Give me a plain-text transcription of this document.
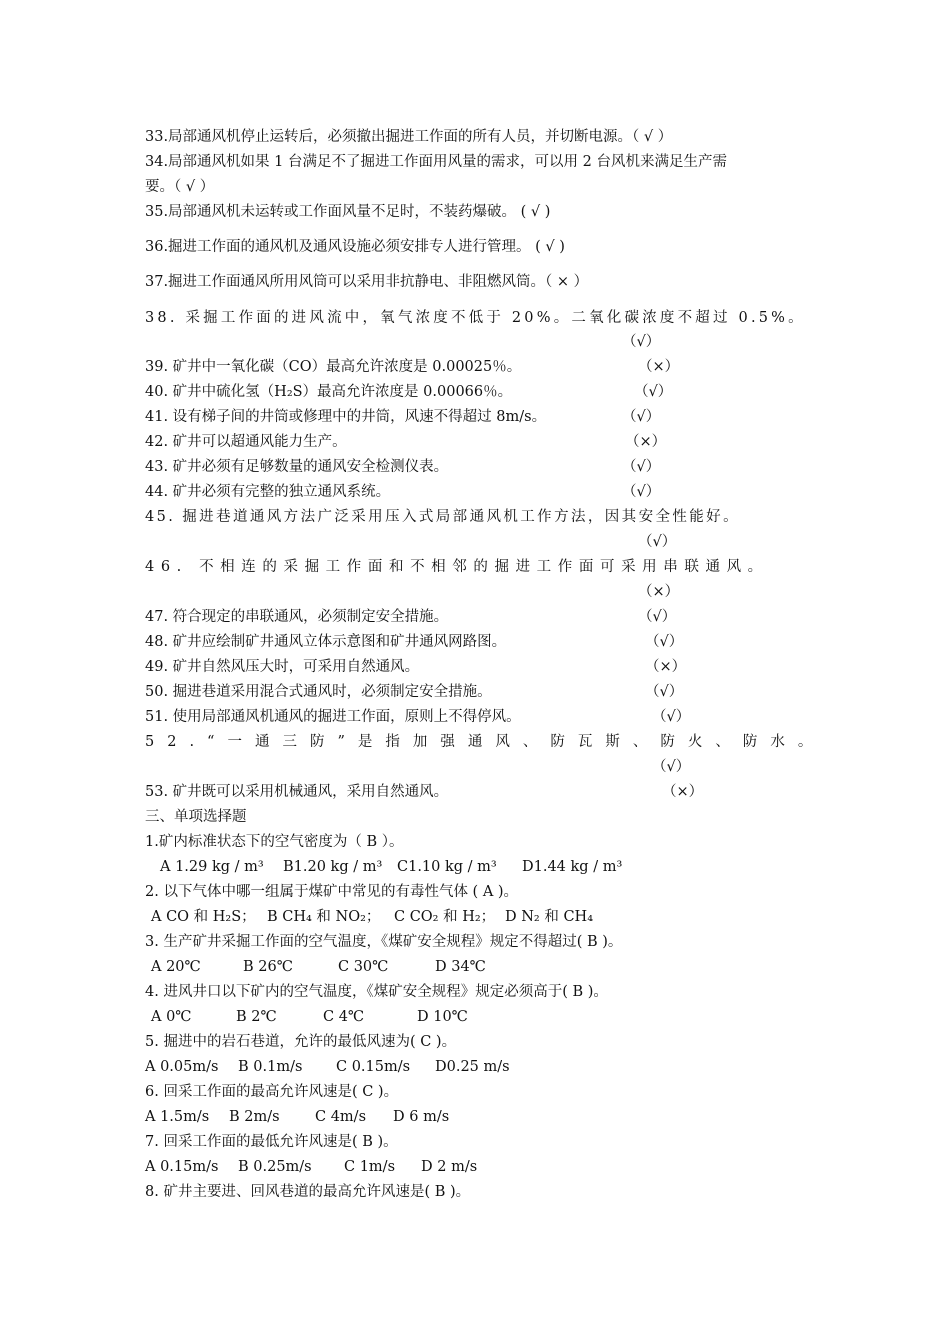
33.局部通风机停止运转后，必须撤出掘进工作面的所有人员，并切断电源。（ √ ）
34.局部通风机如果 1 台满足不了掘进工作面用风量的需求，可以用 2 台风机来满足生产需
要。（ √ ）
35.局部通风机未运转或工作面风量不足时，不装药爆破。 ( √ )
36.掘进工作面的通风机及通风设施必须安排专人进行管理。 ( √ )
37.掘进工作面通风所用风筒可以采用非抗静电、非阻燃风筒。（ × ）
38. 采掘工作面的进风流中，氧气浓度不低于 20%。二氧化碳浓度不超过 0.5%。
（√）
39. 矿井中一氧化碳（CO）最高允许浓度是 0.00025％。	（×）
40. 矿井中硫化氢（H₂S）最高允许浓度是 0.00066％。	（√）
41. 设有梯子间的井筒或修理中的井筒，风速不得超过 8m/s。	（√）
42. 矿井可以超通风能力生产。	（×）
43. 矿井必须有足够数量的通风安全检测仪表。	（√）
44. 矿井必须有完整的独立通风系统。	（√）
45. 掘进巷道通风方法广泛采用压入式局部通风机工作方法，因其安全性能好。
（√）
46. 不相连的采掘工作面和不相邻的掘进工作面可采用串联通风。
（×）
47. 符合现定的串联通风，必须制定安全措施。	（√）
48. 矿井应绘制矿井通风立体示意图和矿井通风网路图。	（√）
49. 矿井自然风压大时，可采用自然通风。	（×）
50. 掘进巷道采用混合式通风时，必须制定安全措施。	（√）
51. 使用局部通风机通风的掘进工作面，原则上不得停风。	（√）
52.“一通三防”是指加强通风、防瓦斯、防火、防水。
（√）
53. 矿井既可以采用机械通风，采用自然通风。	（×）
三、单项选择题
1.矿内标准状态下的空气密度为（ B ）。
A 1.29 kg / m³ B1.20 kg / m³ C1.10 kg / m³ D1.44 kg / m³
2. 以下气体中哪一组属于煤矿中常见的有毒性气体 ( A )。
A CO 和 H₂S； B CH₄ 和 NO₂； C CO₂ 和 H₂； D N₂ 和 CH₄
3. 生产矿井采掘工作面的空气温度，《煤矿安全规程》规定不得超过( B )。
A 20℃	B 26℃	C 30℃	D 34℃
4. 进风井口以下矿内的空气温度，《煤矿安全规程》规定必须高于( B )。
A 0℃	B 2℃	C 4℃	D 10℃
5. 掘进中的岩石巷道，允许的最低风速为( C )。
A 0.05m/s B 0.1m/s C 0.15m/s D0.25 m/s
6. 回采工作面的最高允许风速是( C )。
A 1.5m/s B 2m/s C 4m/s D 6 m/s
7. 回采工作面的最低允许风速是( B )。
A 0.15m/s B 0.25m/s C 1m/s D 2 m/s
8. 矿井主要进、回风巷道的最高允许风速是( B )。
